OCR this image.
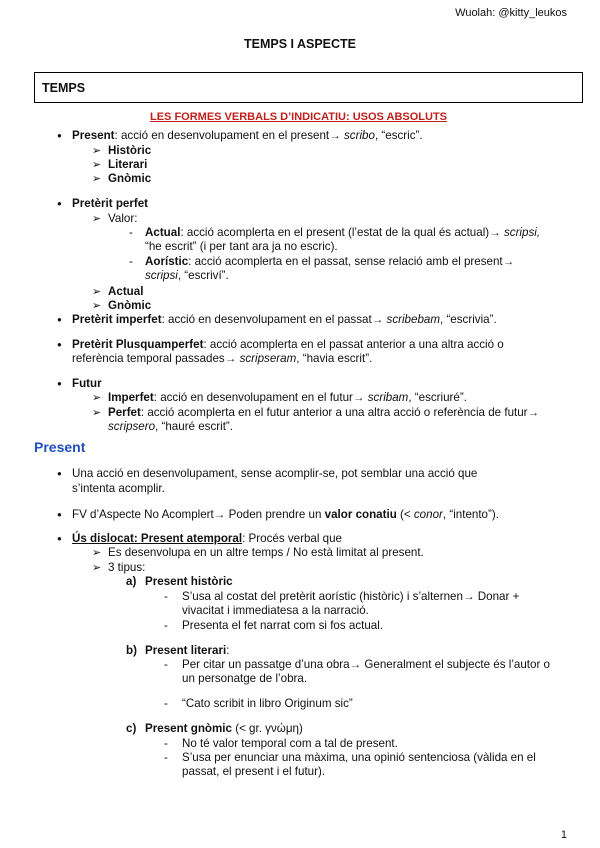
Wuolah: @kitty_leukos
TEMPS I ASPECTE
TEMPS
LES FORMES VERBALS D’INDICATIU: USOS ABSOLUTS
● Present: acció en desenvolupament en el present→ scribo, “escric”.
➢ Històric
➢ Literari
➢ Gnòmic
● Pretèrit perfet
➢ Valor:
- Actual: acció acomplerta en el present (l’estat de la qual és actual)→ scripsi,
“he escrit” (i per tant ara ja no escric).
- Aorístic: acció acomplerta en el passat, sense relació amb el present→
scripsi, “escriví”.
➢ Actual
➢ Gnòmic
● Pretèrit imperfet: acció en desenvolupament en el passat→ scribebam, “escrivia”.
● Pretèrit Plusquamperfet: acció acomplerta en el passat anterior a una altra acció o
referència temporal passades→ scripseram, “havia escrit”.
● Futur
➢ Imperfet: acció en desenvolupament en el futur→ scribam, “escriuré”.
➢ Perfet: acció acomplerta en el futur anterior a una altra acció o referència de futur→
scripsero, “hauré escrit”.
Present
● Una acció en desenvolupament, sense acomplir-se, pot semblar una acció que
s’intenta acomplir.
● FV d’Aspecte No Acomplert→ Poden prendre un valor conatiu (< conor, “intento”).
● Ús dislocat: Present atemporal: Procés verbal que
➢ Es desenvolupa en un altre temps / No està limitat al present.
➢ 3 tipus:
a) Present històric
- S’usa al costat del pretèrit aorístic (històric) i s’alternen→ Donar +
vivacitat i immediatesa a la narració.
- Presenta el fet narrat com si fos actual.
b) Present literari:
- Per citar un passatge d’una obra→ Generalment el subjecte és l’autor o
un personatge de l’obra.
- “Cato scribit in libro Originum sic”
c) Present gnòmic (< gr. γνώμη)
- No té valor temporal com a tal de present.
- S’usa per enunciar una màxima, una opinió sentenciosa (vàlida en el
passat, el present i el futur).
1
